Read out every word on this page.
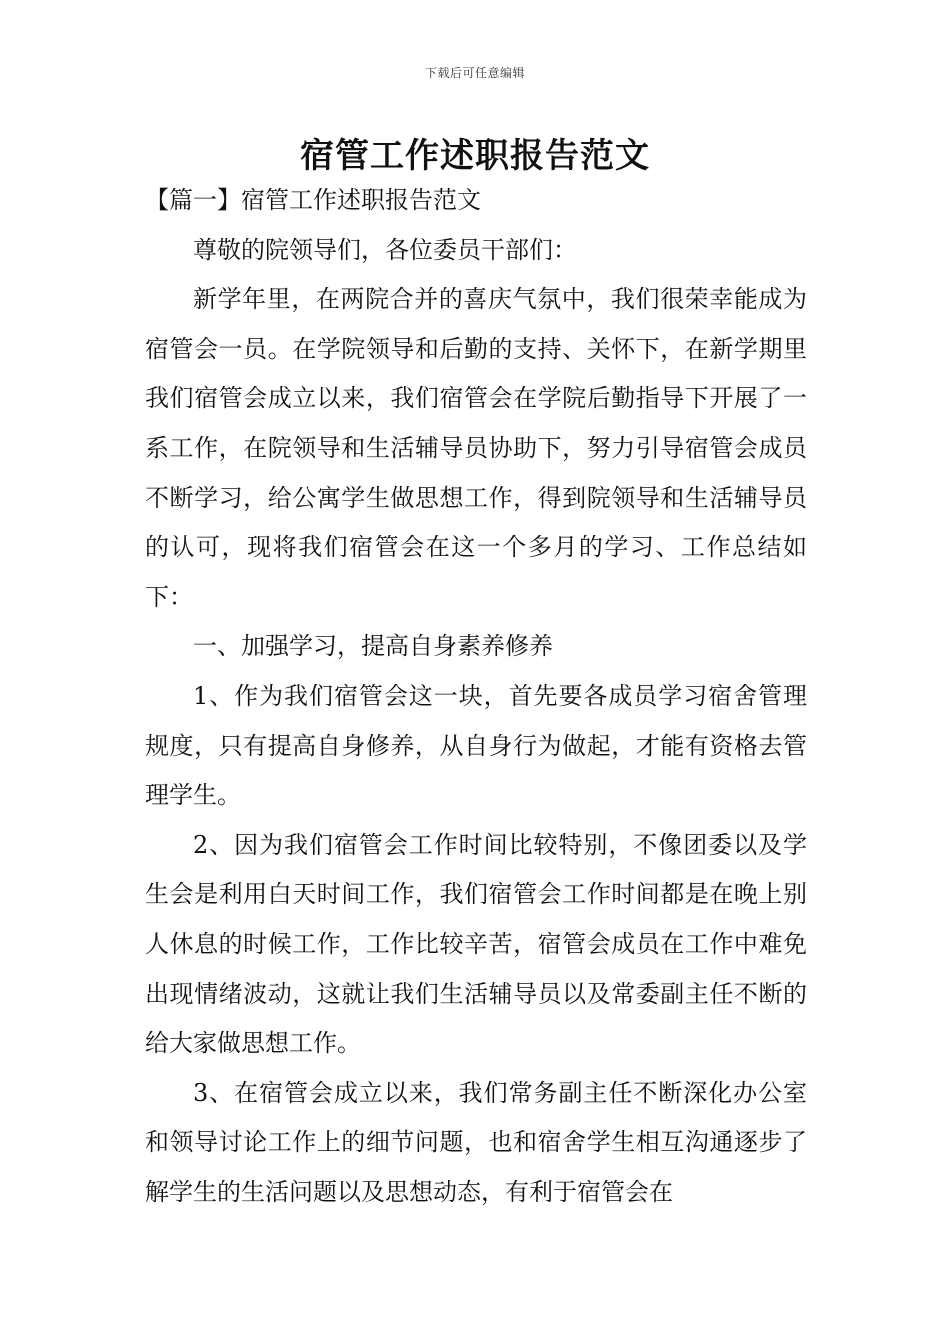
下载后可任意编辑
宿管工作述职报告范文

【篇一】宿管工作述职报告范文

尊敬的院领导们，各位委员干部们：

新学年里，在两院合并的喜庆气氛中，我们很荣幸能成为宿管会一员。在学院领导和后勤的支持、关怀下，在新学期里我们宿管会成立以来，我们宿管会在学院后勤指导下开展了一系工作，在院领导和生活辅导员协助下，努力引导宿管会成员不断学习，给公寓学生做思想工作，得到院领导和生活辅导员的认可，现将我们宿管会在这一个多月的学习、工作总结如下：

一、加强学习，提高自身素养修养

1、作为我们宿管会这一块，首先要各成员学习宿舍管理规度，只有提高自身修养，从自身行为做起，才能有资格去管理学生。

2、因为我们宿管会工作时间比较特别，不像团委以及学生会是利用白天时间工作，我们宿管会工作时间都是在晚上别人休息的时候工作，工作比较辛苦，宿管会成员在工作中难免出现情绪波动，这就让我们生活辅导员以及常委副主任不断的给大家做思想工作。

3、在宿管会成立以来，我们常务副主任不断深化办公室和领导讨论工作上的细节问题，也和宿舍学生相互沟通逐步了解学生的生活问题以及思想动态，有利于宿管会在
